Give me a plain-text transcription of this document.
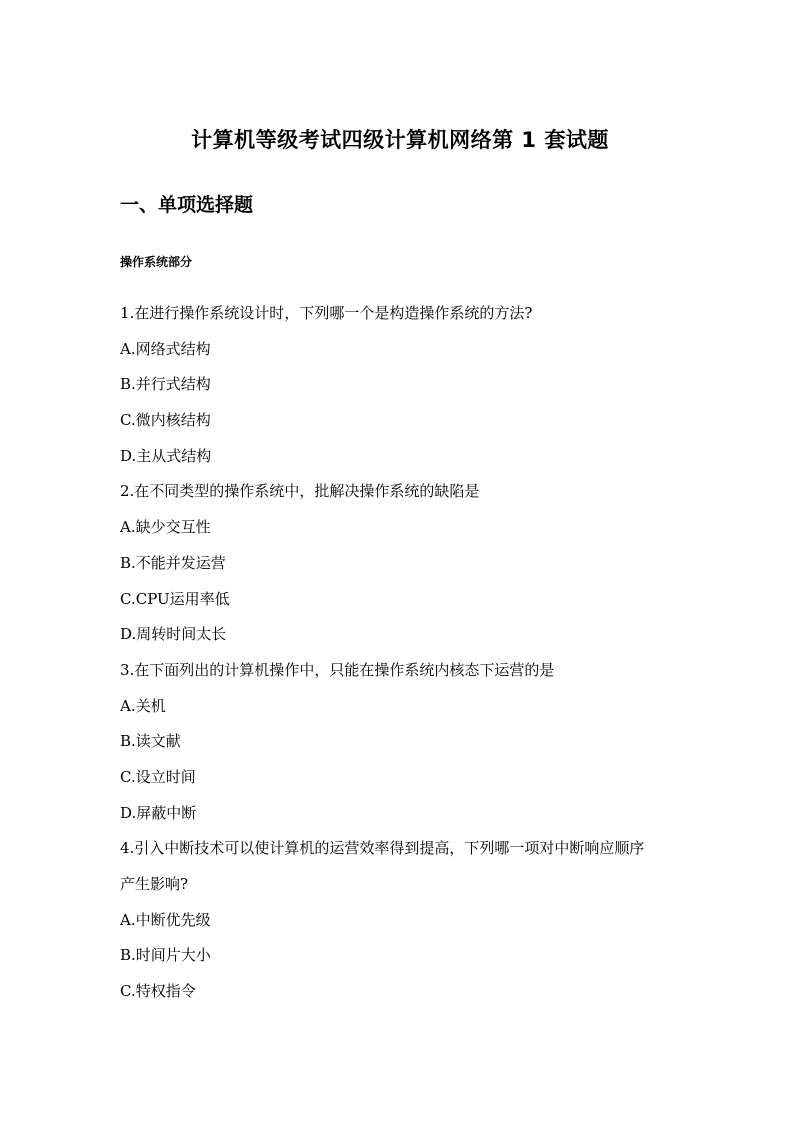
计算机等级考试四级计算机网络第 1 套试题
一、单项选择题
操作系统部分
1.在进行操作系统设计时，下列哪一个是构造操作系统的方法?
A.网络式结构
B.并行式结构
C.微内核结构
D.主从式结构
2.在不同类型的操作系统中，批解决操作系统的缺陷是
A.缺少交互性
B.不能并发运营
C.CPU运用率低
D.周转时间太长
3.在下面列出的计算机操作中，只能在操作系统内核态下运营的是
A.关机
B.读文献
C.设立时间
D.屏蔽中断
4.引入中断技术可以使计算机的运营效率得到提高，下列哪一项对中断响应顺序
产生影响?
A.中断优先级
B.时间片大小
C.特权指令
